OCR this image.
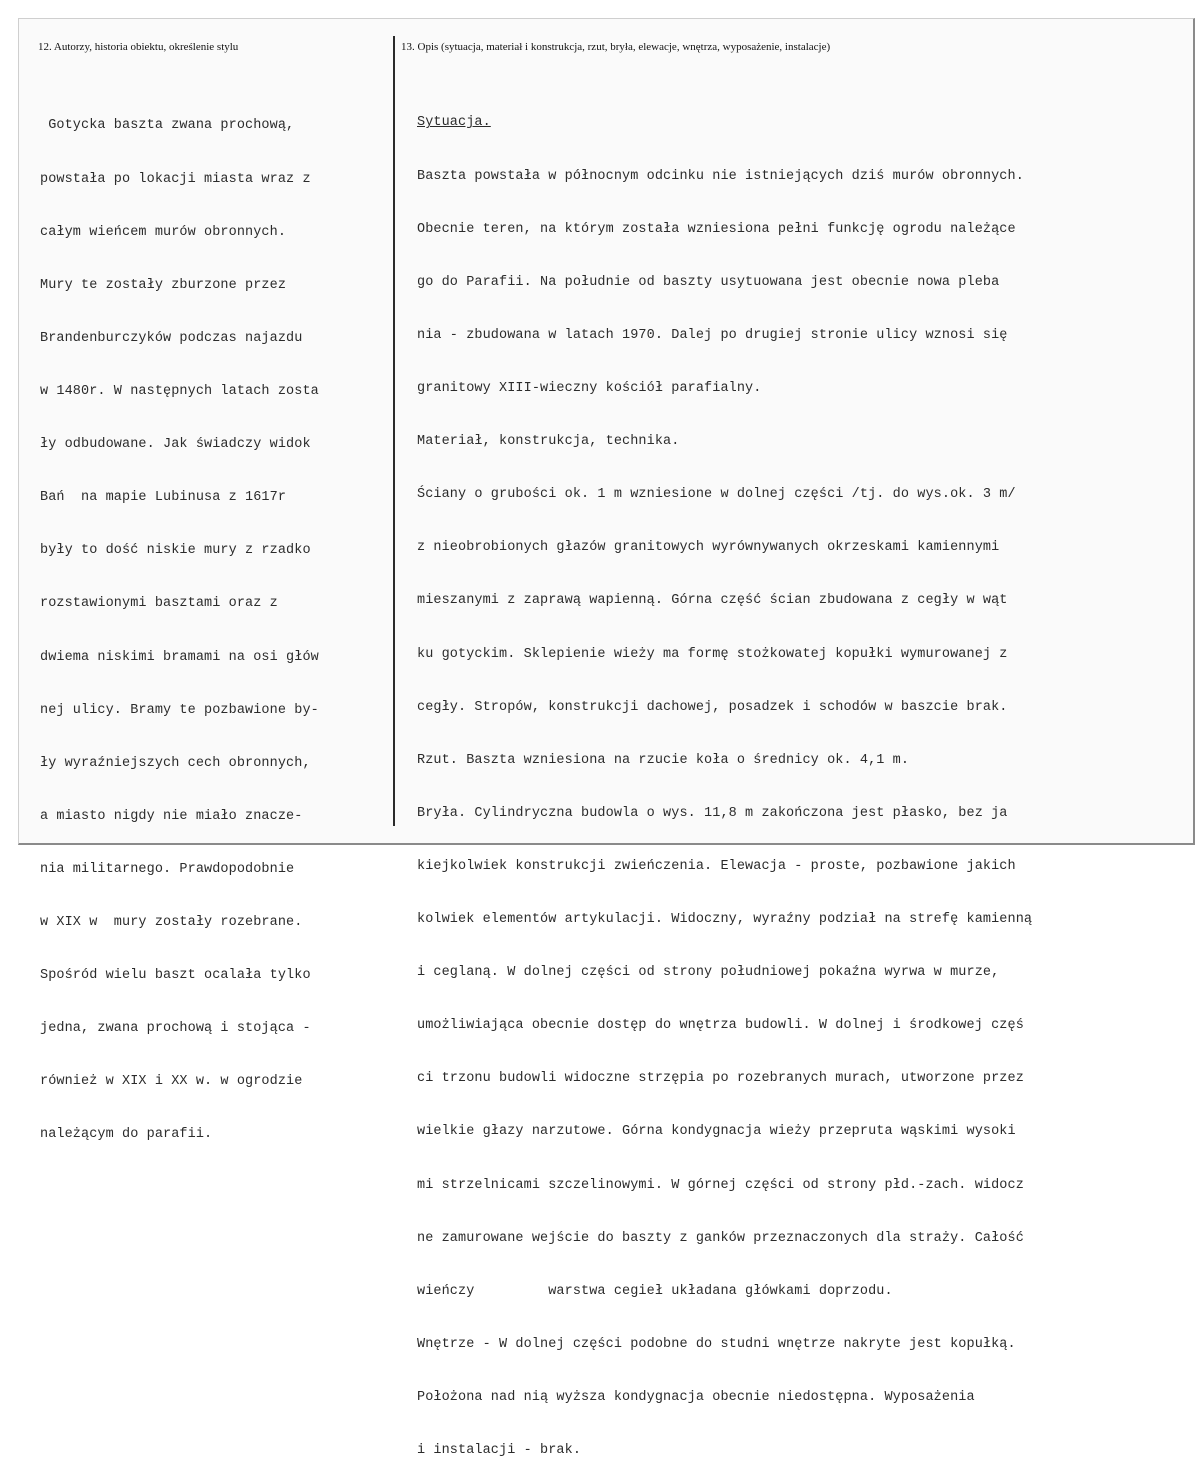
12. Autorzy, historia obiektu, określenie stylu	13. Opis (sytuacja, materiał i konstrukcja, rzut, bryła, elewacje, wnętrza, wyposażenie, instalacje)

Gotycka baszta zwana prochową,

powstała po lokacji miasta wraz z

całym wieńcem murów obronnych.

Mury te zostały zburzone przez

Brandenburczyków podczas najazdu

w 1480r. W następnych latach zosta

ły odbudowane. Jak świadczy widok

Bań  na mapie Lubinusa z 1617r

były to dość niskie mury z rzadko

rozstawionymi basztami oraz z

dwiema niskimi bramami na osi głów

nej ulicy. Bramy te pozbawione by-

ły wyraźniejszych cech obronnych,

a miasto nigdy nie miało znacze-

nia militarnego. Prawdopodobnie

w XIX w  mury zostały rozebrane.

Spośród wielu baszt ocalała tylko

jedna, zwana prochową i stojąca -

również w XIX i XX w. w ogrodzie

należącym do parafii.

Sytuacja.

Baszta powstała w północnym odcinku nie istniejących dziś murów obronnych.

Obecnie teren, na którym została wzniesiona pełni funkcję ogrodu należące

go do Parafii. Na południe od baszty usytuowana jest obecnie nowa pleba

nia - zbudowana w latach 1970. Dalej po drugiej stronie ulicy wznosi się

granitowy XIII-wieczny kościół parafialny.

Materiał, konstrukcja, technika.

Ściany o grubości ok. 1 m wzniesione w dolnej części /tj. do wys.ok. 3 m/

z nieobrobionych głazów granitowych wyrównywanych okrzeskami kamiennymi

mieszanymi z zaprawą wapienną. Górna część ścian zbudowana z cegły w wąt

ku gotyckim. Sklepienie wieży ma formę stożkowatej kopułki wymurowanej z

cegły. Stropów, konstrukcji dachowej, posadzek i schodów w baszcie brak.

Rzut. Baszta wzniesiona na rzucie koła o średnicy ok. 4,1 m.

Bryła. Cylindryczna budowla o wys. 11,8 m zakończona jest płasko, bez ja

kiejkolwiek konstrukcji zwieńczenia. Elewacja - proste, pozbawione jakich

kolwiek elementów artykulacji. Widoczny, wyraźny podział na strefę kamienną

i ceglaną. W dolnej części od strony południowej pokaźna wyrwa w murze,

umożliwiająca obecnie dostęp do wnętrza budowli. W dolnej i środkowej częś

ci trzonu budowli widoczne strzępia po rozebranych murach, utworzone przez

wielkie głazy narzutowe. Górna kondygnacja wieży przepruta wąskimi wysoki

mi strzelnicami szczelinowymi. W górnej części od strony płd.-zach. widocz

ne zamurowane wejście do baszty z ganków przeznaczonych dla straży. Całość

wieńczy         warstwa cegieł układana główkami doprzodu.

Wnętrze - W dolnej części podobne do studni wnętrze nakryte jest kopułką.

Położona nad nią wyższa kondygnacja obecnie niedostępna. Wyposażenia

i instalacji - brak.
